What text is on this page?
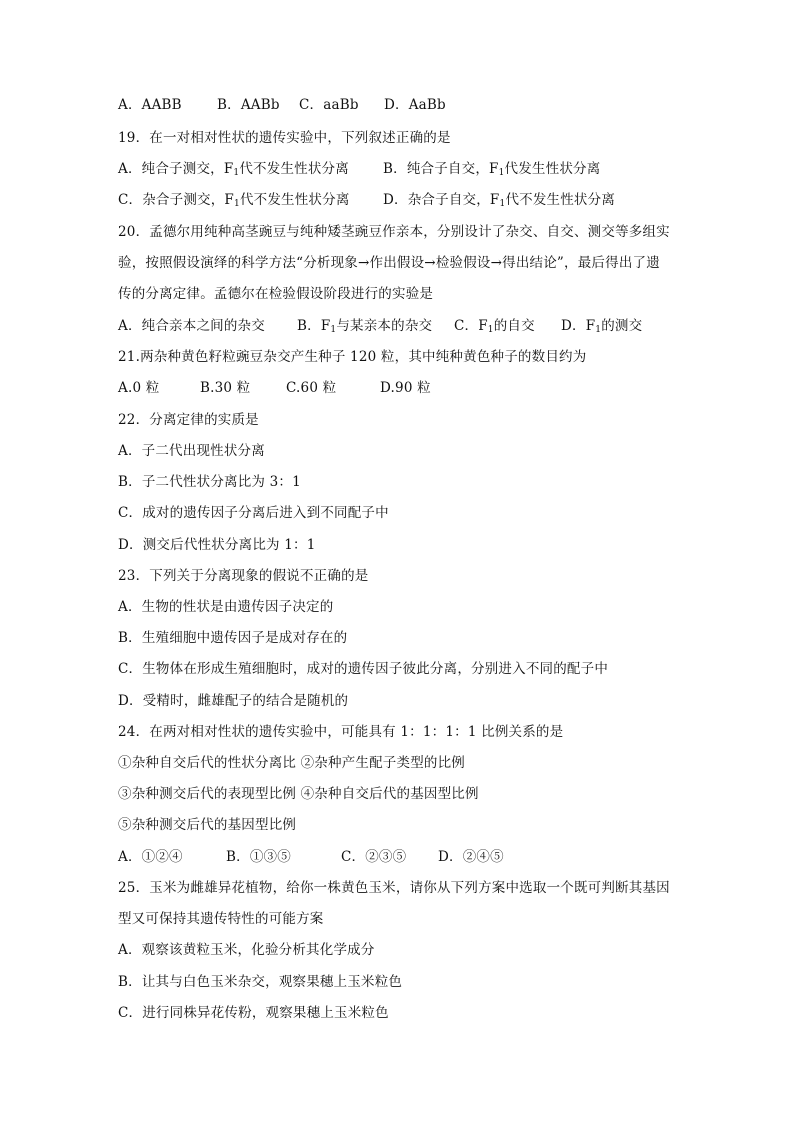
A．AABB	B．AABb C．aaBb D．AaBb
19．在一对相对性状的遗传实验中，下列叙述正确的是
A．纯合子测交，$F_1$代不发生性状分离	B．纯合子自交，$F_1$代发生性状分离
C．杂合子测交，$F_1$代不发生性状分离 D．杂合子自交，$F_1$代不发生性状分离
20．孟德尔用纯种高茎豌豆与纯种矮茎豌豆作亲本，分别设计了杂交、自交、测交等多组实
验，按照假设演绎的科学方法“分析现象→作出假设→检验假设→得出结论”，最后得出了遗
传的分离定律。孟德尔在检验假设阶段进行的实验是
A．纯合亲本之间的杂交 B．$F_1$与某亲本的杂交 C．$F_1$的自交 D．$F_1$的测交
21.两杂种黄色籽粒豌豆杂交产生种子 120 粒，其中纯种黄色种子的数目约为
A.0 粒	B.30 粒	C.60 粒	D.90 粒
22．分离定律的实质是
A．子二代出现性状分离
B．子二代性状分离比为 3：1
C．成对的遗传因子分离后进入到不同配子中
D．测交后代性状分离比为 1：1
23．下列关于分离现象的假说不正确的是
A．生物的性状是由遗传因子决定的
B．生殖细胞中遗传因子是成对存在的
C．生物体在形成生殖细胞时，成对的遗传因子彼此分离，分别进入不同的配子中
D．受精时，雌雄配子的结合是随机的
24．在两对相对性状的遗传实验中，可能具有 1：1：1：1 比例关系的是
①杂种自交后代的性状分离比 ②杂种产生配子类型的比例
③杂种测交后代的表现型比例 ④杂种自交后代的基因型比例
⑤杂种测交后代的基因型比例
A．①②④	B．①③⑤	C．②③⑤ D．②④⑤
25．玉米为雌雄异花植物，给你一株黄色玉米，请你从下列方案中选取一个既可判断其基因
型又可保持其遗传特性的可能方案
A．观察该黄粒玉米，化验分析其化学成分
B．让其与白色玉米杂交，观察果穗上玉米粒色
C．进行同株异花传粉，观察果穗上玉米粒色
